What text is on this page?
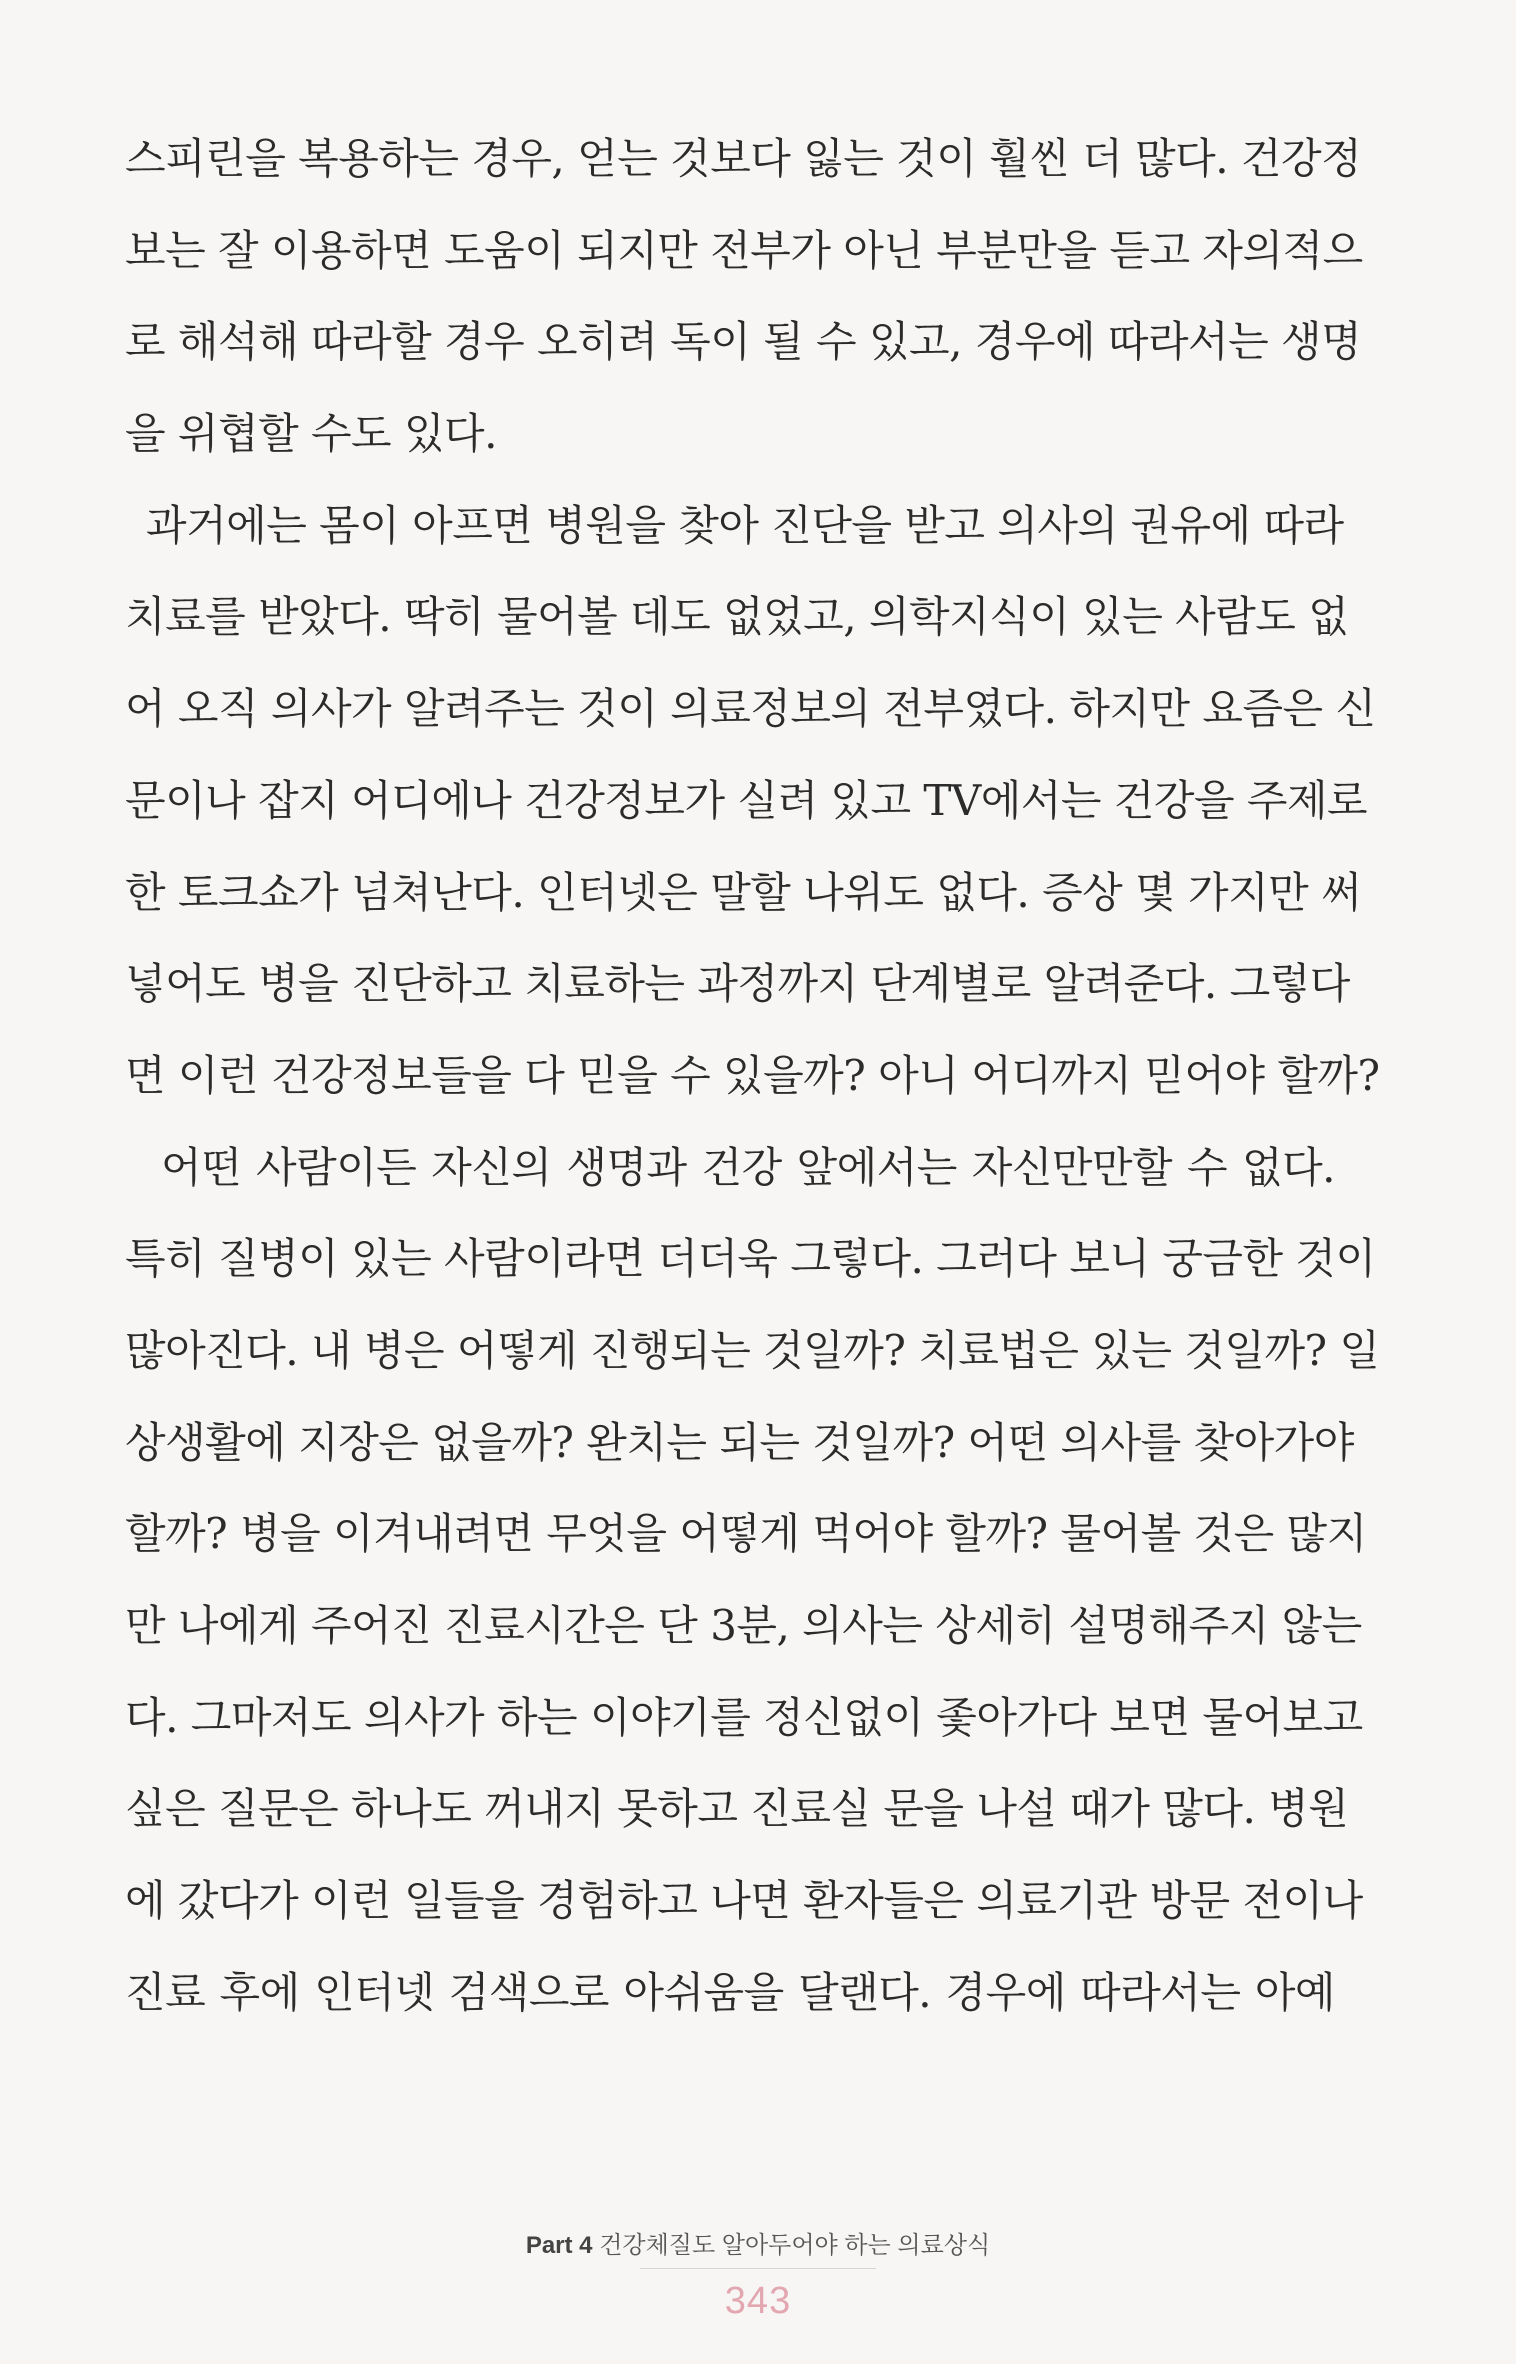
스피린을 복용하는 경우, 얻는 것보다 잃는 것이 훨씬 더 많다. 건강정
보는 잘 이용하면 도움이 되지만 전부가 아닌 부분만을 듣고 자의적으
로 해석해 따라할 경우 오히려 독이 될 수 있고, 경우에 따라서는 생명
을 위협할 수도 있다.
과거에는 몸이 아프면 병원을 찾아 진단을 받고 의사의 권유에 따라
치료를 받았다. 딱히 물어볼 데도 없었고, 의학지식이 있는 사람도 없
어 오직 의사가 알려주는 것이 의료정보의 전부였다. 하지만 요즘은 신
문이나 잡지 어디에나 건강정보가 실려 있고 TV에서는 건강을 주제로
한 토크쇼가 넘쳐난다. 인터넷은 말할 나위도 없다. 증상 몇 가지만 써
넣어도 병을 진단하고 치료하는 과정까지 단계별로 알려준다. 그렇다
면 이런 건강정보들을 다 믿을 수 있을까? 아니 어디까지 믿어야 할까?
어떤 사람이든 자신의 생명과 건강 앞에서는 자신만만할 수 없다.
특히 질병이 있는 사람이라면 더더욱 그렇다. 그러다 보니 궁금한 것이
많아진다. 내 병은 어떻게 진행되는 것일까? 치료법은 있는 것일까? 일
상생활에 지장은 없을까? 완치는 되는 것일까? 어떤 의사를 찾아가야
할까? 병을 이겨내려면 무엇을 어떻게 먹어야 할까? 물어볼 것은 많지
만 나에게 주어진 진료시간은 단 3분, 의사는 상세히 설명해주지 않는
다. 그마저도 의사가 하는 이야기를 정신없이 좇아가다 보면 물어보고
싶은 질문은 하나도 꺼내지 못하고 진료실 문을 나설 때가 많다. 병원
에 갔다가 이런 일들을 경험하고 나면 환자들은 의료기관 방문 전이나
진료 후에 인터넷 검색으로 아쉬움을 달랜다. 경우에 따라서는 아예
Part 4 건강체질도 알아두어야 하는 의료상식
343
